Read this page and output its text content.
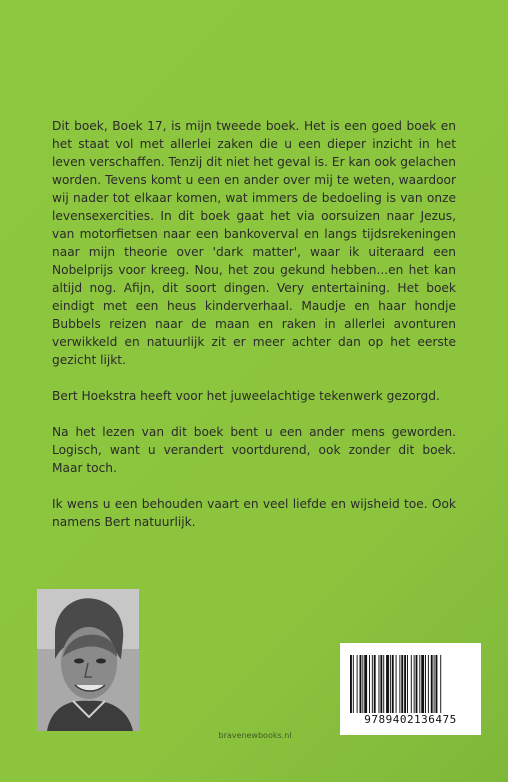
Dit boek, Boek 17, is mijn tweede boek. Het is een goed boek en het staat vol met allerlei zaken die u een dieper inzicht in het leven verschaffen. Tenzij dit niet het geval is. Er kan ook gelachen worden. Tevens komt u een en ander over mij te weten, waardoor wij nader tot elkaar komen, wat immers de bedoeling is van onze levensexercities. In dit boek gaat het via oorsuizen naar Jezus, van motorfietsen naar een bankoverval en langs tijdsrekeningen naar mijn theorie over 'dark matter', waar ik uiteraard een Nobelprijs voor kreeg. Nou, het zou gekund hebben...en het kan altijd nog. Afijn, dit soort dingen. Very entertaining. Het boek eindigt met een heus kinderverhaal. Maudje en haar hondje Bubbels reizen naar de maan en raken in allerlei avonturen verwikkeld en natuurlijk zit er meer achter dan op het eerste gezicht lijkt.

Bert Hoekstra heeft voor het juweelachtige tekenwerk gezorgd.

Na het lezen van dit boek bent u een ander mens geworden. Logisch, want u verandert voortdurend, ook zonder dit boek. Maar toch.

Ik wens u een behouden vaart en veel liefde en wijsheid toe. Ook namens Bert natuurlijk.

bravenewbooks.nl
9789402136475
